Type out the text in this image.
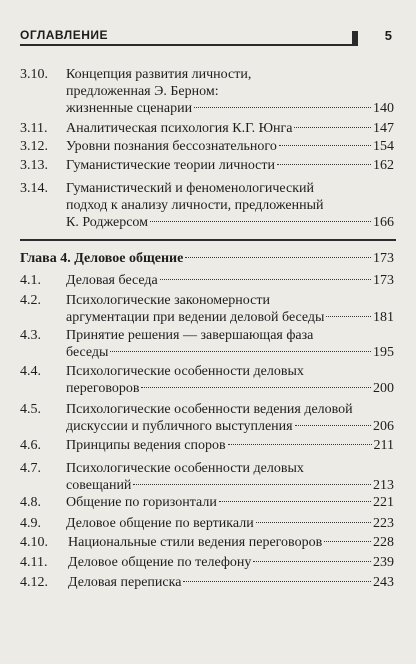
ОГЛАВЛЕНИЕ	5
3.10. Концепция развития личности,
предложенная Э. Берном:
жизненные сценарии	140
3.11. Аналитическая психология К.Г. Юнга	147
3.12. Уровни познания бессознательного	154
3.13. Гуманистические теории личности	162
3.14. Гуманистический и феноменологический
подход к анализу личности, предложенный
К. Роджерсом	166
Глава 4. Деловое общение	173
4.1. Деловая беседа	173
4.2. Психологические закономерности
аргументации при ведении деловой беседы	181
4.3. Принятие решения — завершающая фаза
беседы	195
4.4. Психологические особенности деловых
переговоров	200
4.5. Психологические особенности ведения деловой
дискуссии и публичного выступления	206
4.6. Принципы ведения споров	211
4.7. Психологические особенности деловых
совещаний	213
4.8. Общение по горизонтали	221
4.9. Деловое общение по вертикали	223
4.10. Национальные стили ведения переговоров	228
4.11. Деловое общение по телефону	239
4.12. Деловая переписка	243
